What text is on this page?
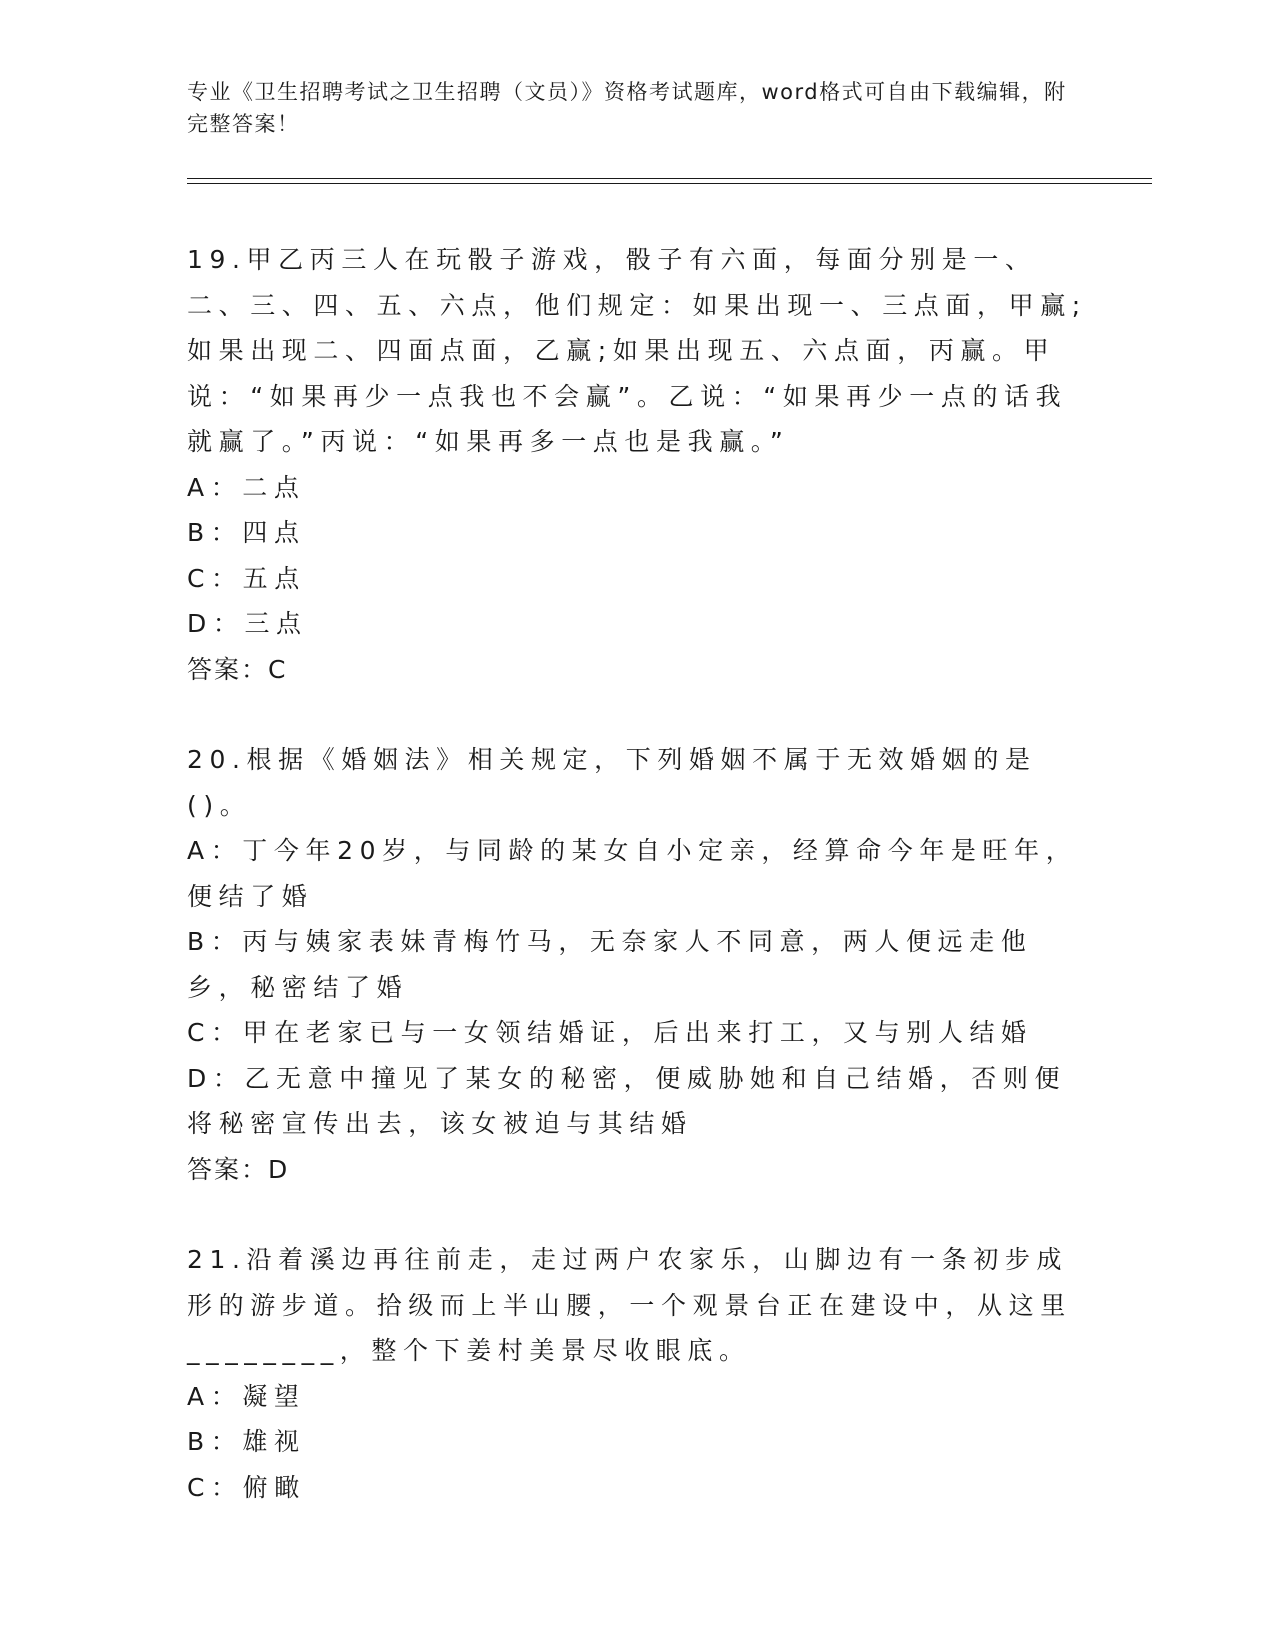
专业《卫生招聘考试之卫生招聘（文员）》资格考试题库，word格式可自由下载编辑，附完整答案！

19.甲乙丙三人在玩骰子游戏，骰子有六面，每面分别是一、二、三、四、五、六点，他们规定：如果出现一、三点面，甲赢;如果出现二、四面点面，乙赢;如果出现五、六点面，丙赢。甲说：“如果再少一点我也不会赢”。乙说：“如果再少一点的话我就赢了。”丙说：“如果再多一点也是我赢。”

A：二点

B：四点

C：五点

D：三点

答案：C

20.根据《婚姻法》相关规定，下列婚姻不属于无效婚姻的是()。

A：丁今年20岁，与同龄的某女自小定亲，经算命今年是旺年，便结了婚

B：丙与姨家表妹青梅竹马，无奈家人不同意，两人便远走他乡，秘密结了婚

C：甲在老家已与一女领结婚证，后出来打工，又与别人结婚

D：乙无意中撞见了某女的秘密，便威胁她和自己结婚，否则便将秘密宣传出去，该女被迫与其结婚

答案：D

21.沿着溪边再往前走，走过两户农家乐，山脚边有一条初步成形的游步道。拾级而上半山腰，一个观景台正在建设中，从这里________，整个下姜村美景尽收眼底。

A：凝望

B：雄视

C：俯瞰
